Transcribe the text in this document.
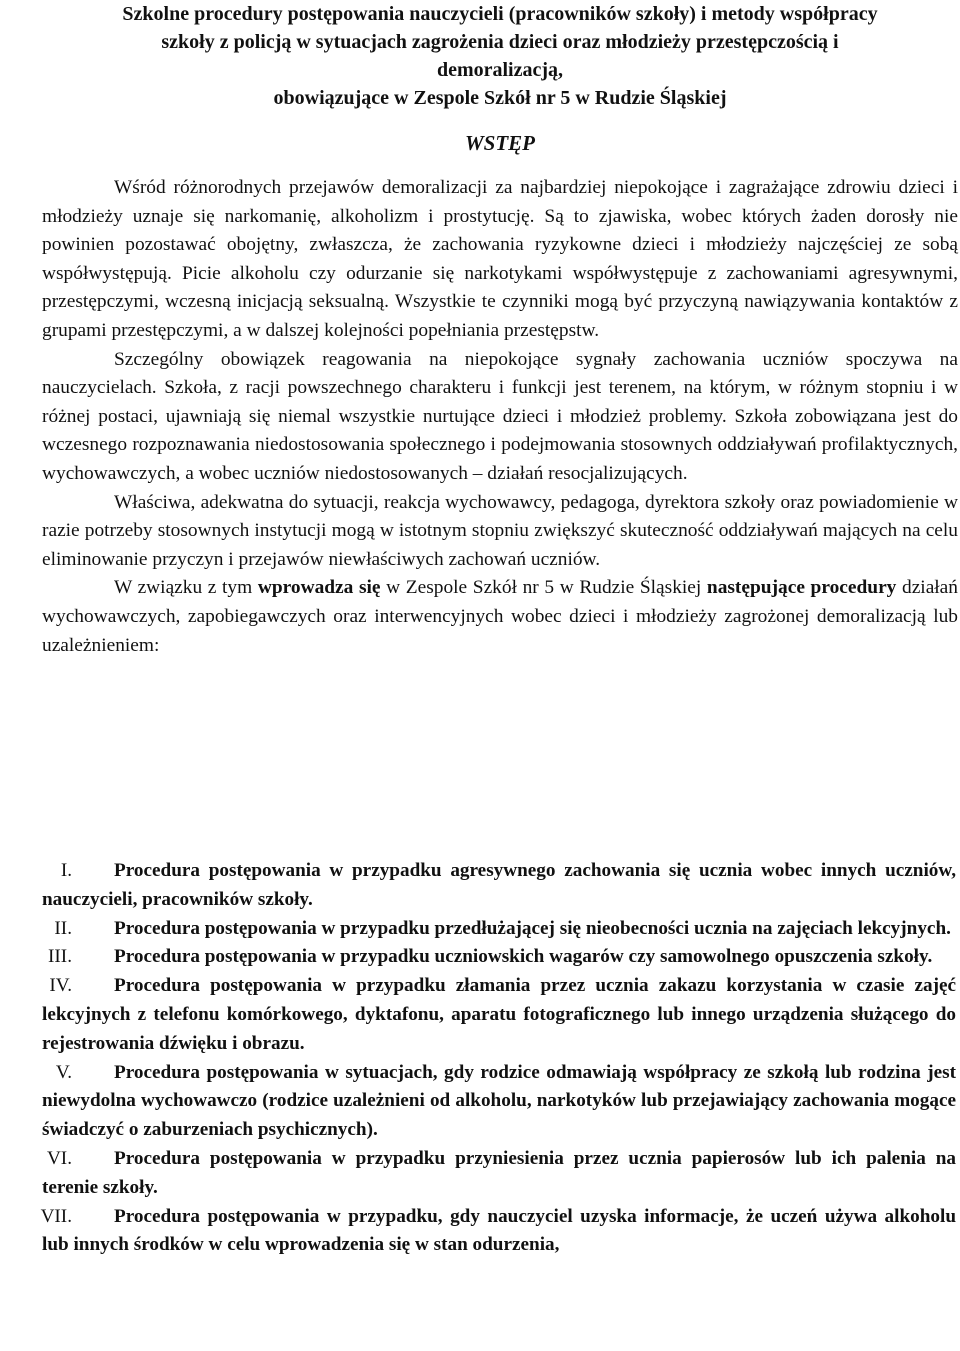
Szkolne procedury postępowania nauczycieli (pracowników szkoły) i metody współpracy
szkoły z policją w sytuacjach zagrożenia dzieci oraz młodzieży przestępczością i
demoralizacją,
obowiązujące w Zespole Szkół nr 5 w Rudzie Śląskiej
WSTĘP

Wśród różnorodnych przejawów demoralizacji za najbardziej niepokojące i zagrażające zdrowiu dzieci i młodzieży uznaje się narkomanię, alkoholizm i prostytucję. Są to zjawiska, wobec których żaden dorosły nie powinien pozostawać obojętny, zwłaszcza, że zachowania ryzykowne dzieci i młodzieży najczęściej ze sobą współwystępują. Picie alkoholu czy odurzanie się narkotykami współwystępuje z zachowaniami agresywnymi, przestępczymi, wczesną inicjacją seksualną. Wszystkie te czynniki mogą być przyczyną nawiązywania kontaktów z grupami przestępczymi, a w dalszej kolejności popełniania przestępstw.

Szczególny obowiązek reagowania na niepokojące sygnały zachowania uczniów spoczywa na nauczycielach. Szkoła, z racji powszechnego charakteru i funkcji jest terenem, na którym, w różnym stopniu i w różnej postaci, ujawniają się niemal wszystkie nurtujące dzieci i młodzież problemy. Szkoła zobowiązana jest do wczesnego rozpoznawania niedostosowania społecznego i podejmowania stosownych oddziaływań profilaktycznych, wychowawczych, a wobec uczniów niedostosowanych – działań resocjalizujących.

Właściwa, adekwatna do sytuacji, reakcja wychowawcy, pedagoga, dyrektora szkoły oraz powiadomienie w razie potrzeby stosownych instytucji mogą w istotnym stopniu zwiększyć skuteczność oddziaływań mających na celu eliminowanie przyczyn i przejawów niewłaściwych zachowań uczniów.

W związku z tym wprowadza się w Zespole Szkół nr 5 w Rudzie Śląskiej następujące procedury działań wychowawczych, zapobiegawczych oraz interwencyjnych wobec dzieci i młodzieży zagrożonej demoralizacją lub uzależnieniem:

I. Procedura postępowania w przypadku agresywnego zachowania się ucznia wobec innych uczniów, nauczycieli, pracowników szkoły.

II. Procedura postępowania w przypadku przedłużającej się nieobecności ucznia na zajęciach lekcyjnych.

III. Procedura postępowania w przypadku uczniowskich wagarów czy samowolnego opuszczenia szkoły.

IV. Procedura postępowania w przypadku złamania przez ucznia zakazu korzystania w czasie zajęć lekcyjnych z telefonu komórkowego, dyktafonu, aparatu fotograficznego lub innego urządzenia służącego do rejestrowania dźwięku i obrazu.

V. Procedura postępowania w sytuacjach, gdy rodzice odmawiają współpracy ze szkołą lub rodzina jest niewydolna wychowawczo (rodzice uzależnieni od alkoholu, narkotyków lub przejawiający zachowania mogące świadczyć o zaburzeniach psychicznych).

VI. Procedura postępowania w przypadku przyniesienia przez ucznia papierosów lub ich palenia na terenie szkoły.

VII. Procedura postępowania w przypadku, gdy nauczyciel uzyska informacje, że uczeń używa alkoholu lub innych środków w celu wprowadzenia się w stan odurzenia,
